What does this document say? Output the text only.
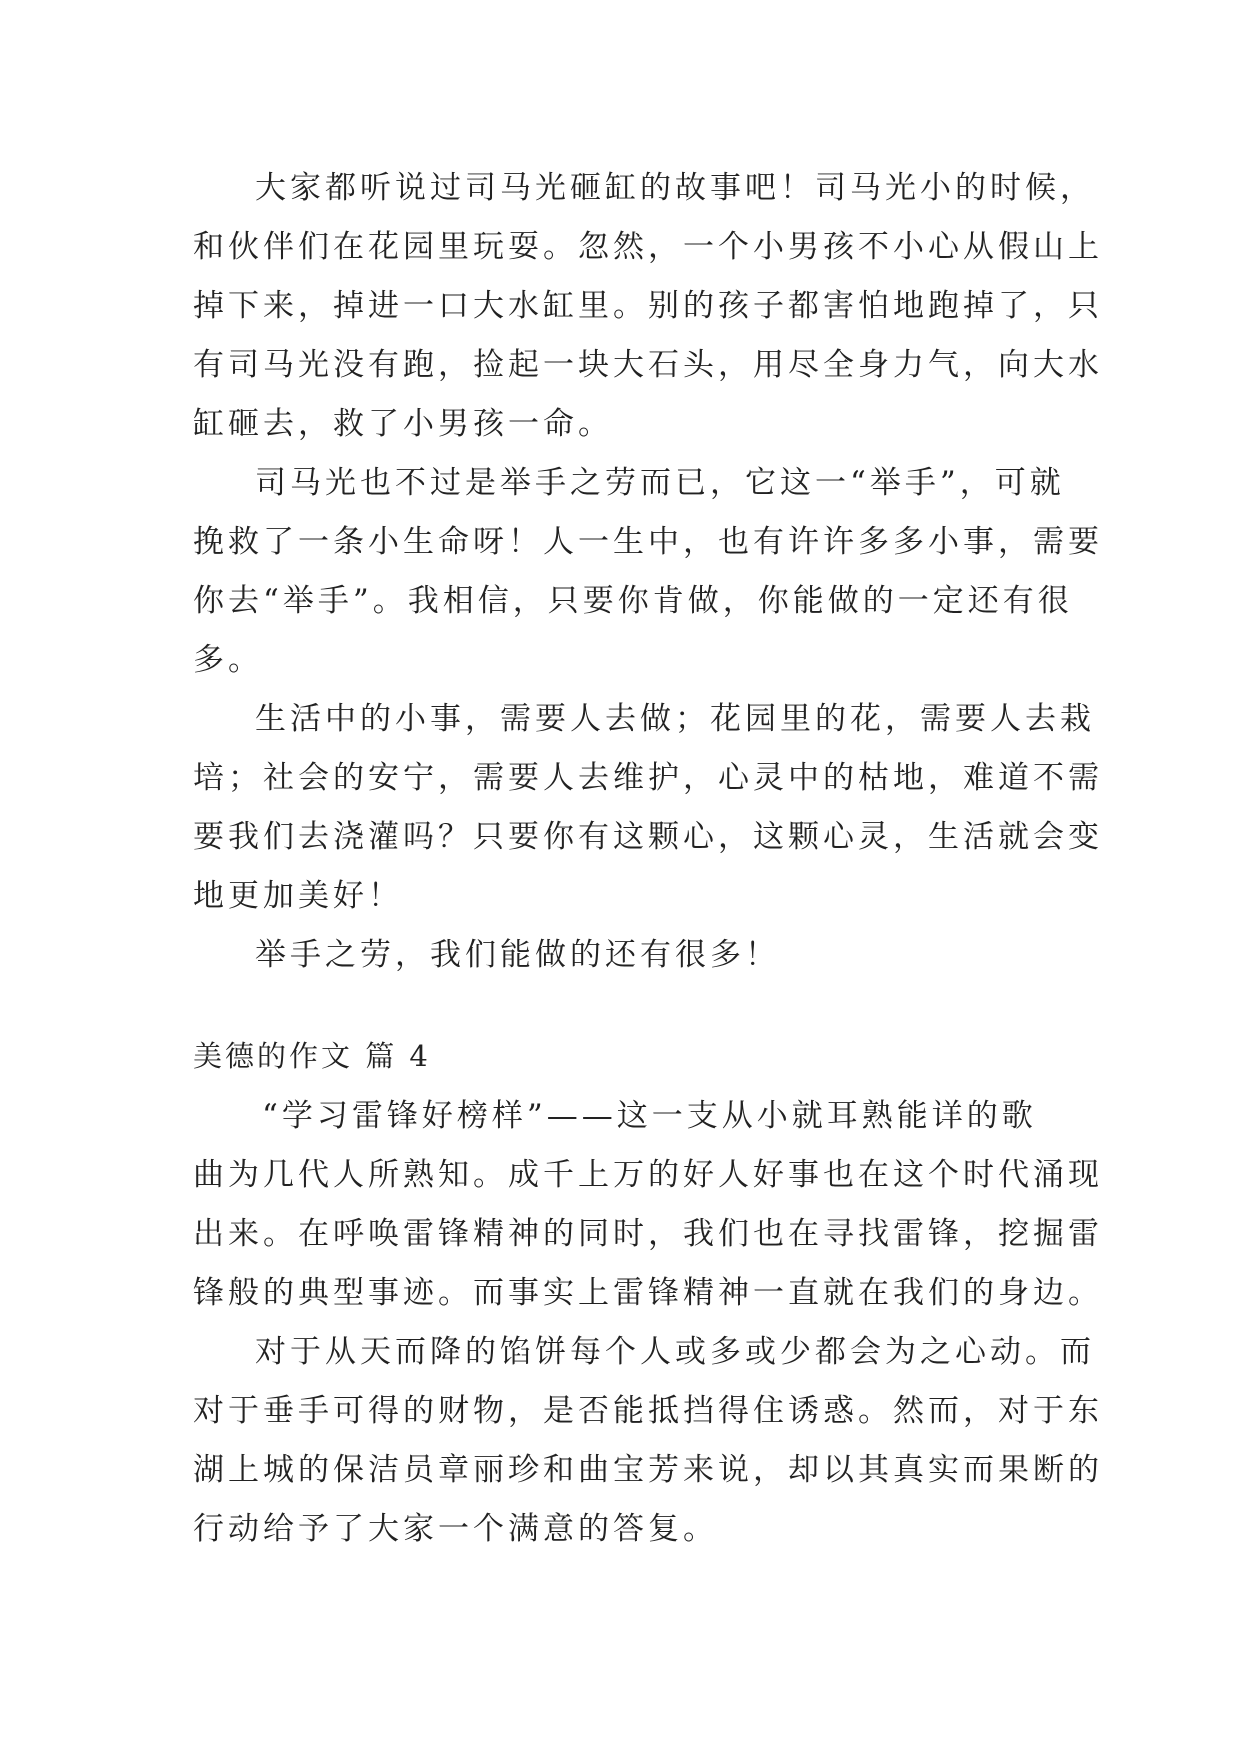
大家都听说过司马光砸缸的故事吧！司马光小的时候，
和伙伴们在花园里玩耍。忽然，一个小男孩不小心从假山上
掉下来，掉进一口大水缸里。别的孩子都害怕地跑掉了，只
有司马光没有跑，捡起一块大石头，用尽全身力气，向大水
缸砸去，救了小男孩一命。
司马光也不过是举手之劳而已，它这一“举手”，可就
挽救了一条小生命呀！人一生中，也有许许多多小事，需要
你去“举手”。我相信，只要你肯做，你能做的一定还有很
多。
生活中的小事，需要人去做；花园里的花，需要人去栽
培；社会的安宁，需要人去维护，心灵中的枯地，难道不需
要我们去浇灌吗？只要你有这颗心，这颗心灵，生活就会变
地更加美好！
举手之劳，我们能做的还有很多！
美德的作文 篇 4
“学习雷锋好榜样”——这一支从小就耳熟能详的歌
曲为几代人所熟知。成千上万的好人好事也在这个时代涌现
出来。在呼唤雷锋精神的同时，我们也在寻找雷锋，挖掘雷
锋般的典型事迹。而事实上雷锋精神一直就在我们的身边。
对于从天而降的馅饼每个人或多或少都会为之心动。而
对于垂手可得的财物，是否能抵挡得住诱惑。然而，对于东
湖上城的保洁员章丽珍和曲宝芳来说，却以其真实而果断的
行动给予了大家一个满意的答复。
